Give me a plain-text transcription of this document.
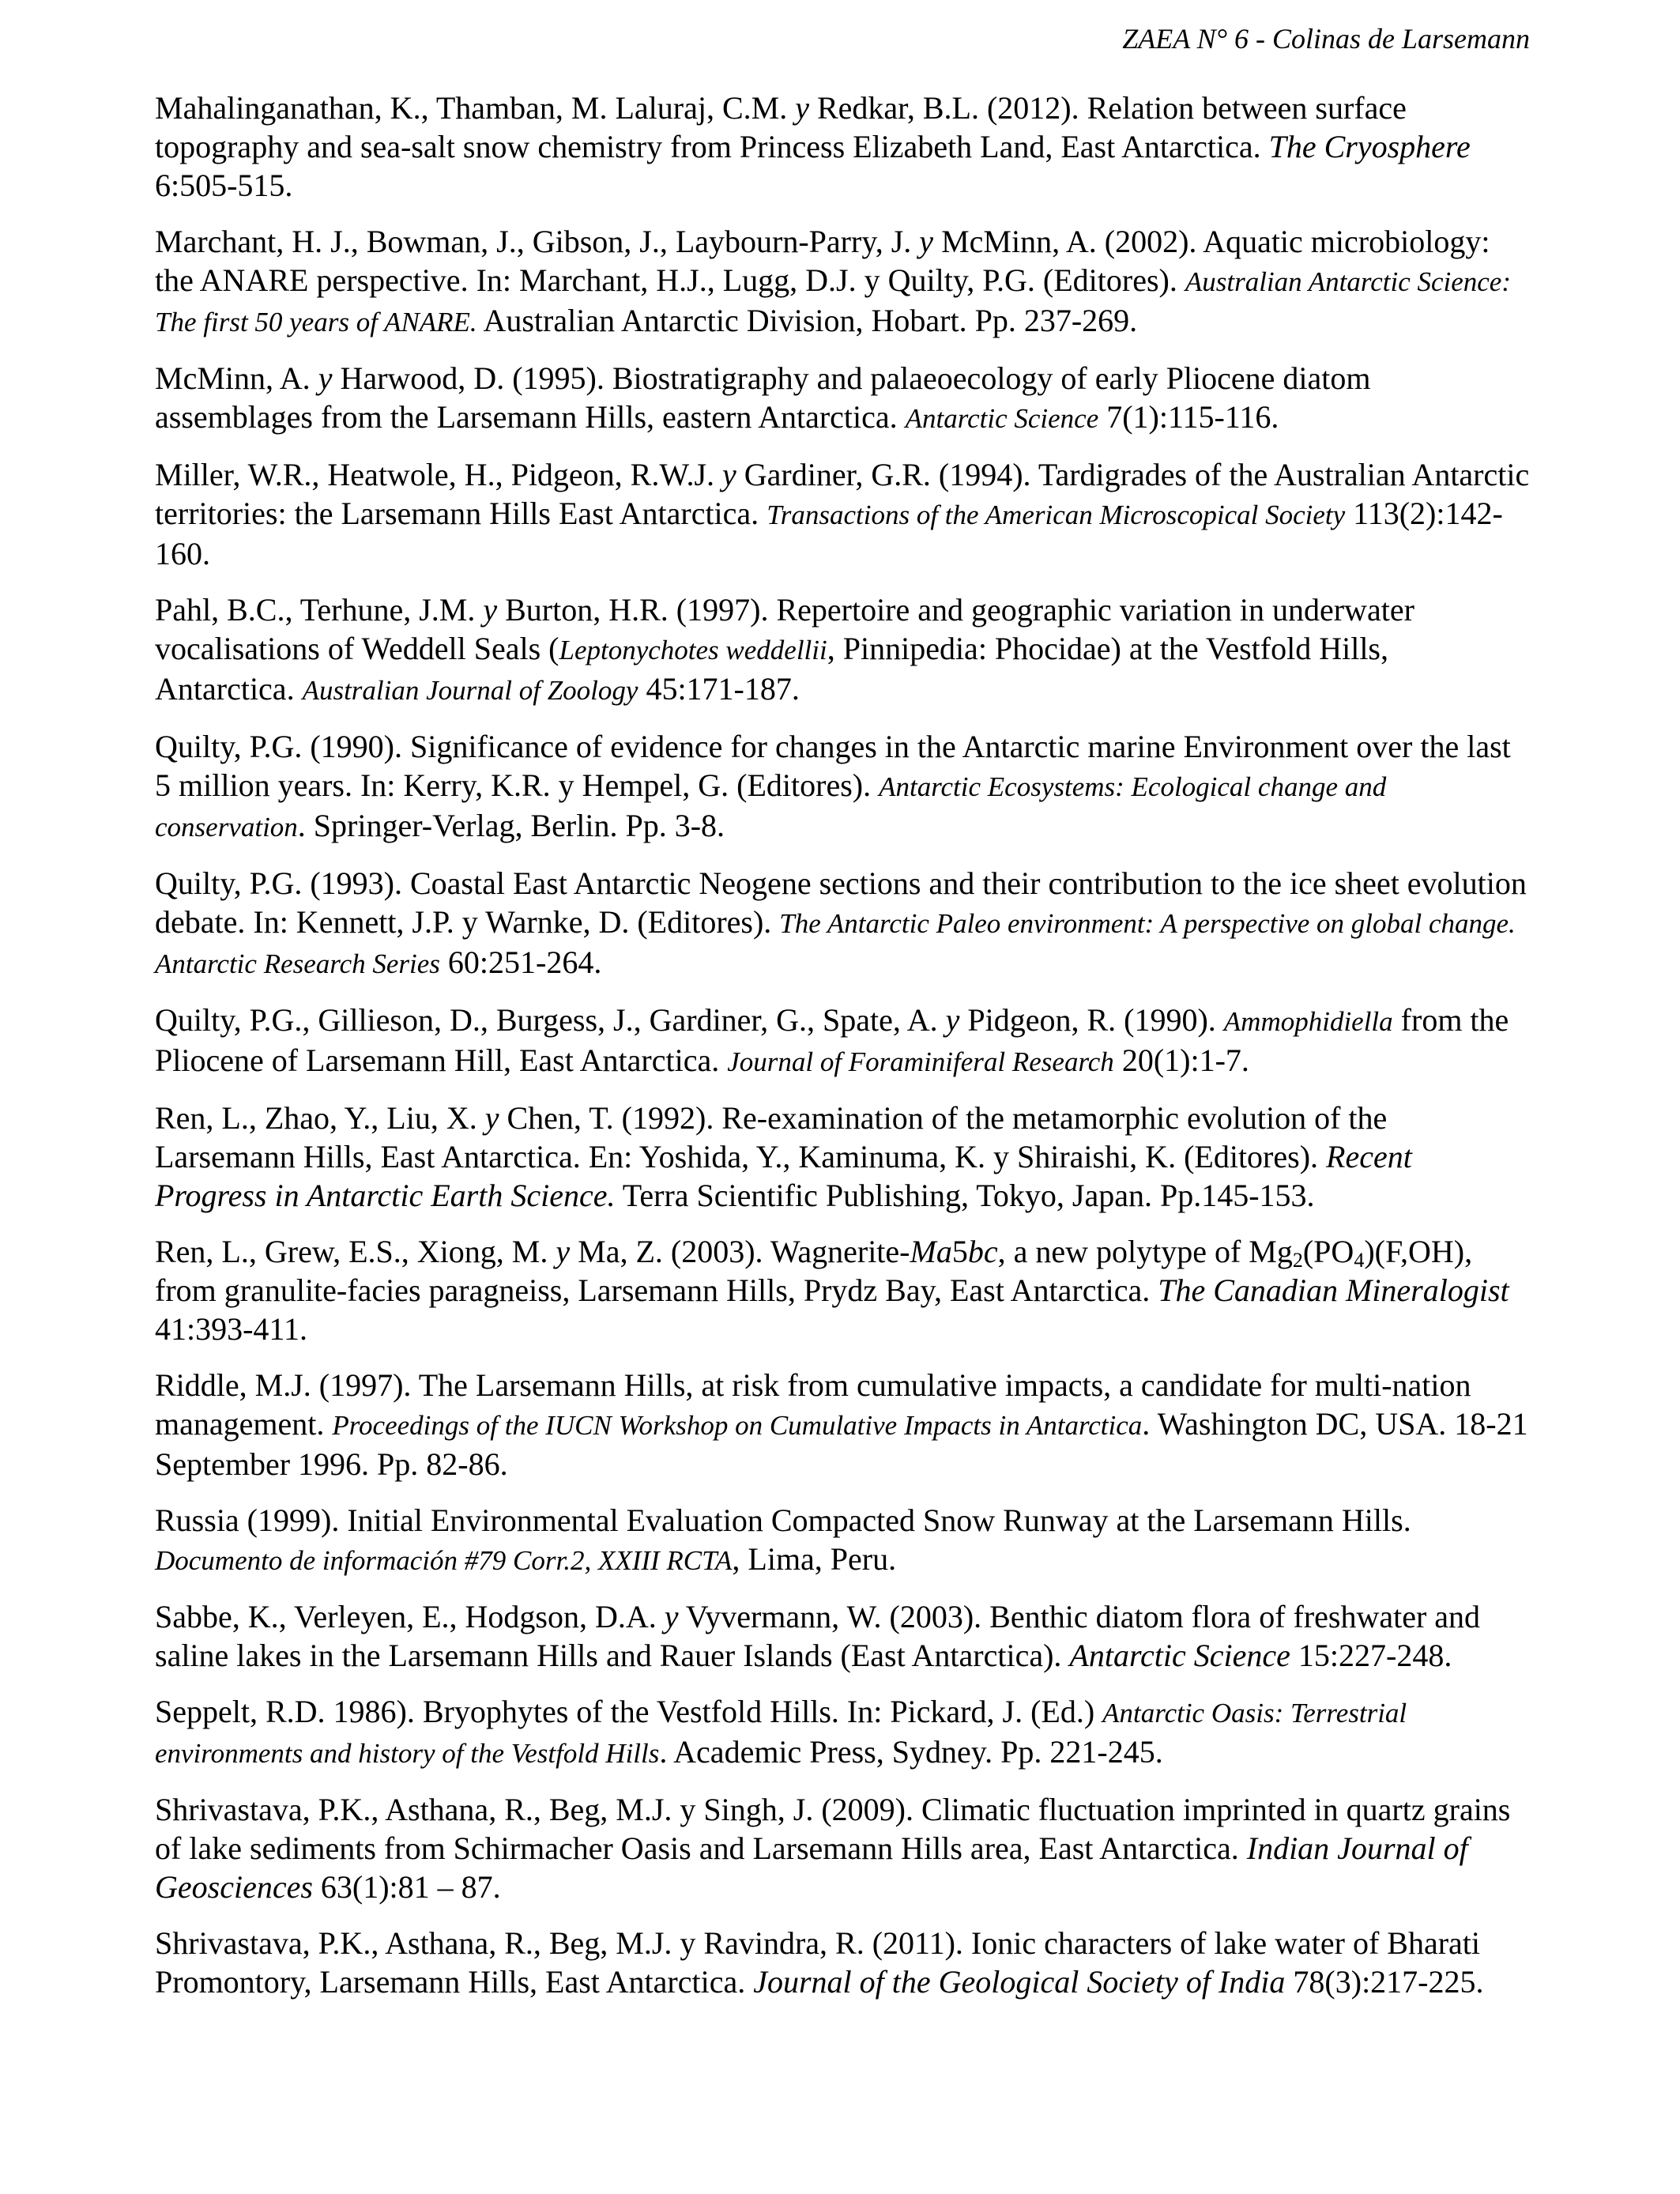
ZAEA N° 6 - Colinas de Larsemann

Mahalinganathan, K., Thamban, M. Laluraj, C.M. y Redkar, B.L. (2012). Relation between surface topography and sea-salt snow chemistry from Princess Elizabeth Land, East Antarctica. The Cryosphere 6:505-515.

Marchant, H. J., Bowman, J., Gibson, J., Laybourn-Parry, J. y McMinn, A. (2002). Aquatic microbiology: the ANARE perspective. In: Marchant, H.J., Lugg, D.J. y Quilty, P.G. (Editores). Australian Antarctic Science: The first 50 years of ANARE. Australian Antarctic Division, Hobart. Pp. 237-269.

McMinn, A. y Harwood, D. (1995). Biostratigraphy and palaeoecology of early Pliocene diatom assemblages from the Larsemann Hills, eastern Antarctica. Antarctic Science 7(1):115-116.

Miller, W.R., Heatwole, H., Pidgeon, R.W.J. y Gardiner, G.R. (1994). Tardigrades of the Australian Antarctic territories: the Larsemann Hills East Antarctica. Transactions of the American Microscopical Society 113(2):142-160.

Pahl, B.C., Terhune, J.M. y Burton, H.R. (1997). Repertoire and geographic variation in underwater vocalisations of Weddell Seals (Leptonychotes weddellii, Pinnipedia: Phocidae) at the Vestfold Hills, Antarctica. Australian Journal of Zoology 45:171-187.

Quilty, P.G. (1990). Significance of evidence for changes in the Antarctic marine Environment over the last 5 million years. In: Kerry, K.R. y Hempel, G. (Editores). Antarctic Ecosystems: Ecological change and conservation. Springer-Verlag, Berlin. Pp. 3-8.

Quilty, P.G. (1993). Coastal East Antarctic Neogene sections and their contribution to the ice sheet evolution debate. In: Kennett, J.P. y Warnke, D. (Editores). The Antarctic Paleo environment: A perspective on global change. Antarctic Research Series 60:251-264.

Quilty, P.G., Gillieson, D., Burgess, J., Gardiner, G., Spate, A. y Pidgeon, R. (1990). Ammophidiella from the Pliocene of Larsemann Hill, East Antarctica. Journal of Foraminiferal Research 20(1):1-7.

Ren, L., Zhao, Y., Liu, X. y Chen, T. (1992). Re-examination of the metamorphic evolution of the Larsemann Hills, East Antarctica. En: Yoshida, Y., Kaminuma, K. y Shiraishi, K. (Editores). Recent Progress in Antarctic Earth Science. Terra Scientific Publishing, Tokyo, Japan. Pp.145-153.

Ren, L., Grew, E.S., Xiong, M. y Ma, Z. (2003). Wagnerite-Ma5bc, a new polytype of $Mg_2(PO_4)(F,OH)$, from granulite-facies paragneiss, Larsemann Hills, Prydz Bay, East Antarctica. The Canadian Mineralogist 41:393-411.

Riddle, M.J. (1997). The Larsemann Hills, at risk from cumulative impacts, a candidate for multi-nation management. Proceedings of the IUCN Workshop on Cumulative Impacts in Antarctica. Washington DC, USA. 18-21 September 1996. Pp. 82-86.

Russia (1999). Initial Environmental Evaluation Compacted Snow Runway at the Larsemann Hills. Documento de información #79 Corr.2, XXIII RCTA, Lima, Peru.

Sabbe, K., Verleyen, E., Hodgson, D.A. y Vyvermann, W. (2003). Benthic diatom flora of freshwater and saline lakes in the Larsemann Hills and Rauer Islands (East Antarctica). Antarctic Science 15:227-248.

Seppelt, R.D. 1986). Bryophytes of the Vestfold Hills. In: Pickard, J. (Ed.) Antarctic Oasis: Terrestrial environments and history of the Vestfold Hills. Academic Press, Sydney. Pp. 221-245.

Shrivastava, P.K., Asthana, R., Beg, M.J. y Singh, J. (2009). Climatic fluctuation imprinted in quartz grains of lake sediments from Schirmacher Oasis and Larsemann Hills area, East Antarctica. Indian Journal of Geosciences 63(1):81 – 87.

Shrivastava, P.K., Asthana, R., Beg, M.J. y Ravindra, R. (2011). Ionic characters of lake water of Bharati Promontory, Larsemann Hills, East Antarctica. Journal of the Geological Society of India 78(3):217-225.
